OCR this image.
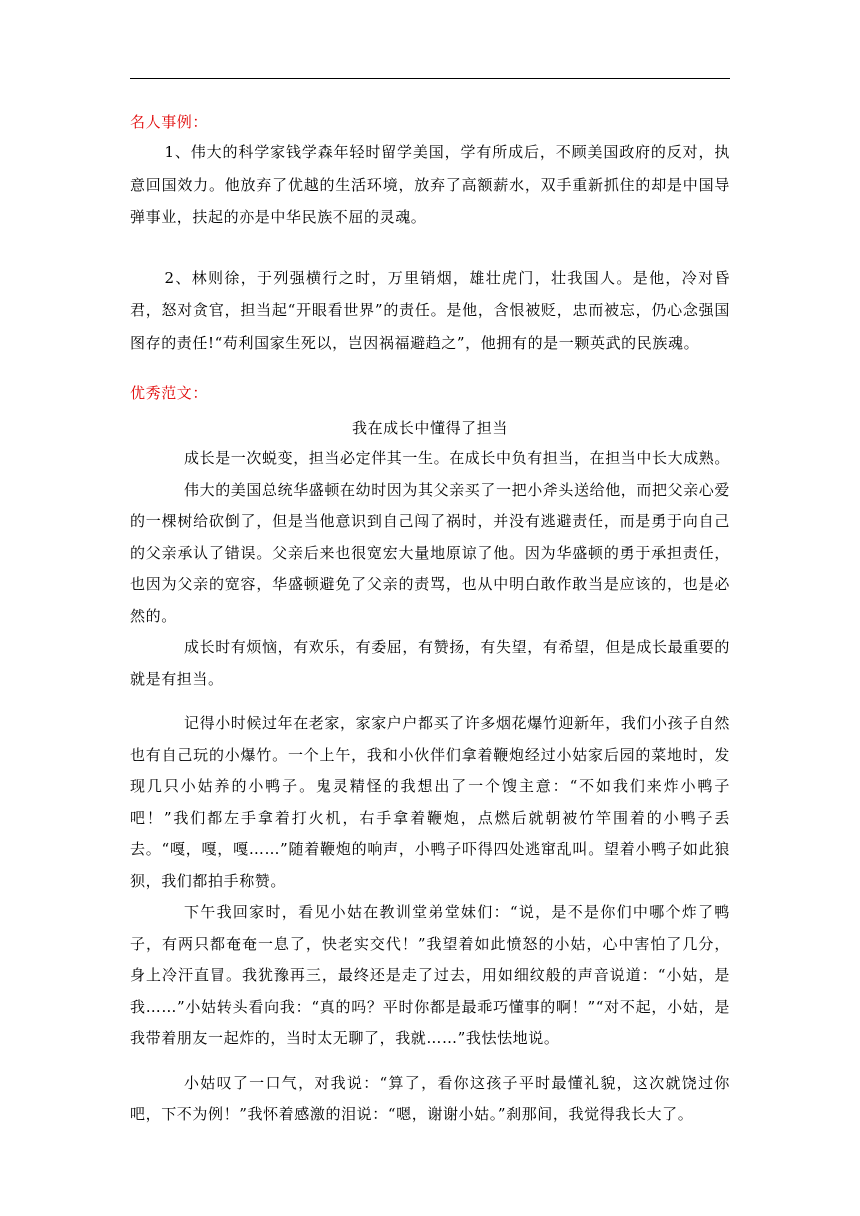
名人事例：

1、伟大的科学家钱学森年轻时留学美国，学有所成后，不顾美国政府的反对，执意回国效力。他放弃了优越的生活环境，放弃了高额薪水，双手重新抓住的却是中国导弹事业，扶起的亦是中华民族不屈的灵魂。

2、林则徐，于列强横行之时，万里销烟，雄壮虎门，壮我国人。是他，冷对昏君，怒对贪官，担当起“开眼看世界”的责任。是他，含恨被贬，忠而被忘，仍心念强国图存的责任!“苟利国家生死以，岂因祸福避趋之”，他拥有的是一颗英武的民族魂。

优秀范文：

我在成长中懂得了担当

成长是一次蜕变，担当必定伴其一生。在成长中负有担当，在担当中长大成熟。

伟大的美国总统华盛顿在幼时因为其父亲买了一把小斧头送给他，而把父亲心爱的一棵树给砍倒了，但是当他意识到自己闯了祸时，并没有逃避责任，而是勇于向自己的父亲承认了错误。父亲后来也很宽宏大量地原谅了他。因为华盛顿的勇于承担责任，也因为父亲的宽容，华盛顿避免了父亲的责骂，也从中明白敢作敢当是应该的，也是必然的。

成长时有烦恼，有欢乐，有委屈，有赞扬，有失望，有希望，但是成长最重要的就是有担当。

记得小时候过年在老家，家家户户都买了许多烟花爆竹迎新年，我们小孩子自然也有自己玩的小爆竹。一个上午，我和小伙伴们拿着鞭炮经过小姑家后园的菜地时，发现几只小姑养的小鸭子。鬼灵精怪的我想出了一个馊主意：“不如我们来炸小鸭子吧！”我们都左手拿着打火机，右手拿着鞭炮，点燃后就朝被竹竿围着的小鸭子丢去。“嘎，嘎，嘎……”随着鞭炮的响声，小鸭子吓得四处逃窜乱叫。望着小鸭子如此狼狈，我们都拍手称赞。

下午我回家时，看见小姑在教训堂弟堂妹们：“说，是不是你们中哪个炸了鸭子，有两只都奄奄一息了，快老实交代！”我望着如此愤怒的小姑，心中害怕了几分，身上冷汗直冒。我犹豫再三，最终还是走了过去，用如细纹般的声音说道：“小姑，是我……”小姑转头看向我：“真的吗？平时你都是最乖巧懂事的啊！”“对不起，小姑，是我带着朋友一起炸的，当时太无聊了，我就……”我怯怯地说。

小姑叹了一口气，对我说：“算了，看你这孩子平时最懂礼貌，这次就饶过你吧，下不为例！”我怀着感激的泪说：“嗯，谢谢小姑。”刹那间，我觉得我长大了。
